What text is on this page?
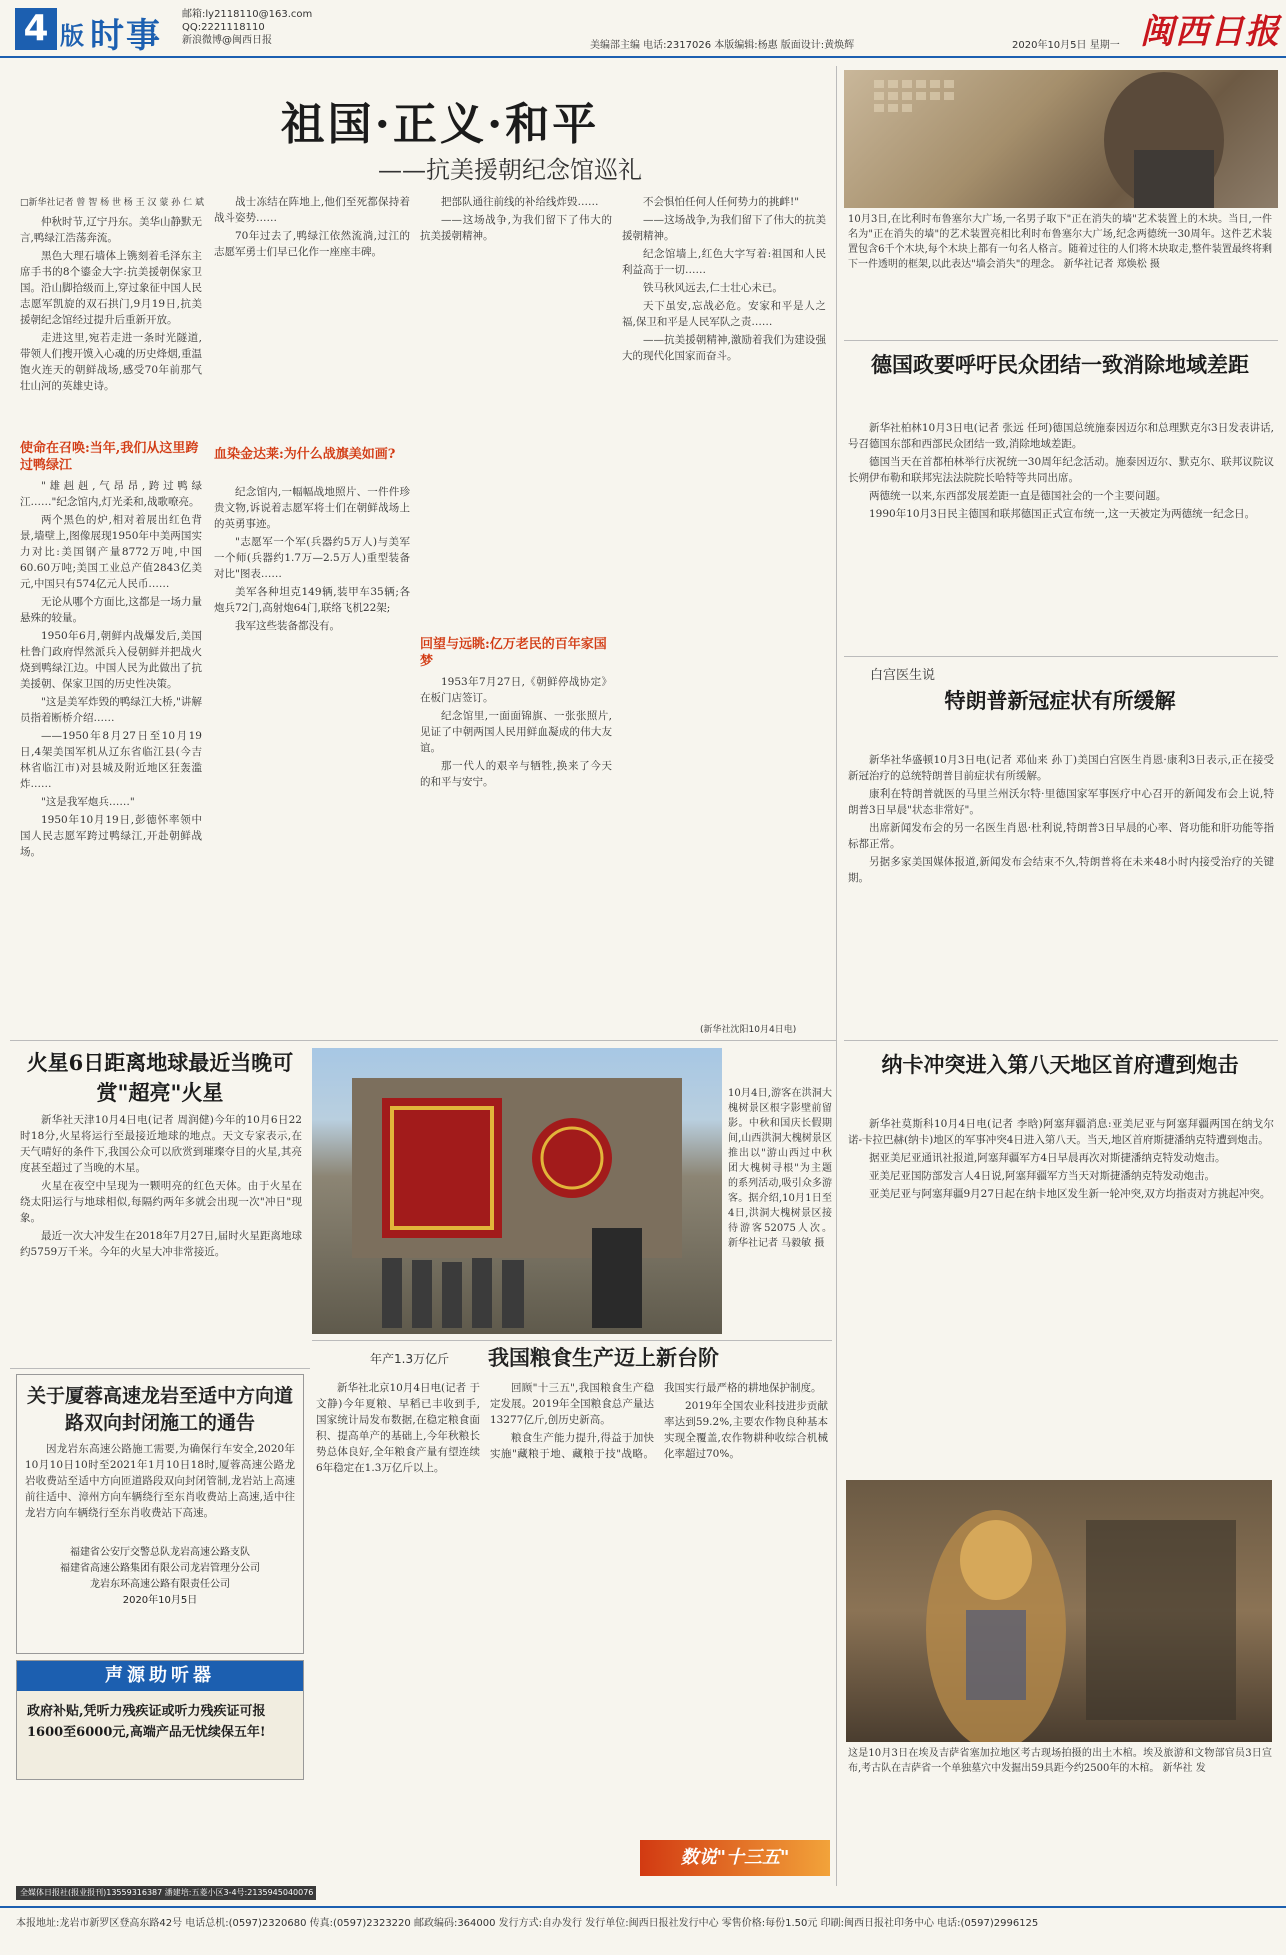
4 版 时事
邮箱:ly2118110@163.com
QQ:2221118110
新浪微博@闽西日报	美编部主编 电话:2317026 本版编辑:杨惠 版面设计:黄焕辉	2020年10月5日 星期一 闽西日报
祖国·正义·和平
——抗美援朝纪念馆巡礼
□新华社记者 曾 智 杨 世 杨 王 汉 蒙 孙 仁 斌

仲秋时节,辽宁丹东。美华山静默无言,鸭绿江浩荡奔流。

黑色大理石墙体上镌刻着毛泽东主席手书的8个鎏金大字:抗美援朝保家卫国。沿山脚拾级而上,穿过象征中国人民志愿军凯旋的双石拱门,9月19日,抗美援朝纪念馆经过提升后重新开放。

走进这里,宛若走进一条时光隧道,带领人们搜开馍入心魂的历史烽烟,重温饱火连天的朝鲜战场,感受70年前那气壮山河的英雄史诗。

使命在召唤:当年,我们从这里跨过鸭绿江

"雄赳赳,气昂昂,跨过鸭绿江……"纪念馆内,灯光柔和,战歌嘹亮。

两个黑色的炉,相对着展出红色背景,墙壁上,图像展现1950年中美两国实力对比:美国钢产量8772万吨,中国60.60万吨;美国工业总产值2843亿美元,中国只有574亿元人民币……

无论从哪个方面比,这都是一场力量悬殊的较量。

1950年6月,朝鲜内战爆发后,美国杜鲁门政府悍然派兵入侵朝鲜并把战火烧到鸭绿江边。中国人民为此做出了抗美援朝、保家卫国的历史性决策。

"这是美军炸毁的鸭绿江大桥,"讲解员指着断桥介绍……

——1950年8月27日至10月19日,4架美国军机从辽东省临江县(今吉林省临江市)对县城及附近地区狂轰滥炸……

"这是我军炮兵……"

1950年10月19日,彭德怀率领中国人民志愿军跨过鸭绿江,开赴朝鲜战场。

战士冻结在阵地上,他们至死都保持着战斗姿势……

70年过去了,鸭绿江依然流淌,过江的志愿军勇士们早已化作一座座丰碑。

血染金达莱:为什么战旗美如画?

纪念馆内,一幅幅战地照片、一件件珍贵文物,诉说着志愿军将士们在朝鲜战场上的英勇事迹。

"志愿军一个军(兵器约5万人)与美军一个师(兵器约1.7万—2.5万人)重型装备对比"图表……

美军各种坦克149辆,装甲车35辆;各炮兵72门,高射炮64门,联络飞机22架;

我军这些装备都没有。

把部队通往前线的补给线炸毁……

——这场战争,为我们留下了伟大的抗美援朝精神。

回望与远眺:亿万老民的百年家国梦

1953年7月27日,《朝鲜停战协定》在板门店签订。

纪念馆里,一面面锦旗、一张张照片,见证了中朝两国人民用鲜血凝成的伟大友谊。

那一代人的艰辛与牺牲,换来了今天的和平与安宁。

不会惧怕任何人任何势力的挑衅!"

——这场战争,为我们留下了伟大的抗美援朝精神。

纪念馆墙上,红色大字写着:祖国和人民利益高于一切……

铁马秋风远去,仁士壮心未已。

天下虽安,忘战必危。安家和平是人之福,保卫和平是人民军队之责……

——抗美援朝精神,激励着我们为建设强大的现代化国家而奋斗。

(新华社沈阳10月4日电)
10月3日,在比利时布鲁塞尔大广场,一名男子取下"正在消失的墙"艺术装置上的木块。当日,一件名为"正在消失的墙"的艺术装置亮相比利时布鲁塞尔大广场,纪念两德统一30周年。这件艺术装置包含6千个木块,每个木块上都有一句名人格言。随着过往的人们将木块取走,整件装置最终将剩下一件透明的框架,以此表达"墙会消失"的理念。 新华社记者 郑焕松 摄
德国政要呼吁民众团结一致消除地域差距

新华社柏林10月3日电(记者 张远 任珂)德国总统施泰因迈尔和总理默克尔3日发表讲话,号召德国东部和西部民众团结一致,消除地域差距。

德国当天在首都柏林举行庆祝统一30周年纪念活动。施泰因迈尔、默克尔、联邦议院议长朔伊布勒和联邦宪法法院院长哈特等共同出席。

两德统一以来,东西部发展差距一直是德国社会的一个主要问题。

1990年10月3日民主德国和联邦德国正式宣布统一,这一天被定为两德统一纪念日。

白宫医生说
特朗普新冠症状有所缓解

新华社华盛顿10月3日电(记者 邓仙来 孙丁)美国白宫医生肖恩·康利3日表示,正在接受新冠治疗的总统特朗普目前症状有所缓解。

康利在特朗普就医的马里兰州沃尔特·里德国家军事医疗中心召开的新闻发布会上说,特朗普3日早晨"状态非常好"。

出席新闻发布会的另一名医生肖恩·杜利说,特朗普3日早晨的心率、肾功能和肝功能等指标都正常。

另据多家美国媒体报道,新闻发布会结束不久,特朗普将在未来48小时内接受治疗的关键期。

纳卡冲突进入第八天地区首府遭到炮击

新华社莫斯科10月4日电(记者 李晗)阿塞拜疆消息:亚美尼亚与阿塞拜疆两国在纳戈尔诺-卡拉巴赫(纳卡)地区的军事冲突4日进入第八天。当天,地区首府斯捷潘纳克特遭到炮击。

据亚美尼亚通讯社报道,阿塞拜疆军方4日早晨再次对斯捷潘纳克特发动炮击。

亚美尼亚国防部发言人4日说,阿塞拜疆军方当天对斯捷潘纳克特发动炮击。

亚美尼亚与阿塞拜疆9月27日起在纳卡地区发生新一轮冲突,双方均指责对方挑起冲突。

这是10月3日在埃及吉萨省塞加拉地区考古现场拍摄的出土木棺。埃及旅游和文物部官员3日宣布,考古队在吉萨省一个单独墓穴中发掘出59具距今约2500年的木棺。 新华社 发
火星6日距离地球最近当晚可赏"超亮"火星

新华社天津10月4日电(记者 周润健)今年的10月6日22时18分,火星将运行至最接近地球的地点。天文专家表示,在天气晴好的条件下,我国公众可以欣赏到璀璨夺目的火星,其亮度甚至超过了当晚的木星。

火星在夜空中呈现为一颗明亮的红色天体。由于火星在绕太阳运行与地球相似,每隔约两年多就会出现一次"冲日"现象。

最近一次大冲发生在2018年7月27日,届时火星距离地球约5759万千米。今年的火星大冲非常接近。

关于厦蓉高速龙岩至适中方向道路双向封闭施工的通告
因龙岩东高速公路施工需要,为确保行车安全,2020年10月10日10时至2021年1月10日18时,厦蓉高速公路龙岩收费站至适中方向匝道路段双向封闭管制,龙岩站上高速前往适中、漳州方向车辆绕行至东肖收费站上高速,适中往龙岩方向车辆绕行至东肖收费站下高速。
福建省公安厅交警总队龙岩高速公路支队
福建省高速公路集团有限公司龙岩管理分公司
龙岩东环高速公路有限责任公司
2020年10月5日
声源助听器
政府补贴,凭听力残疾证或听力残疾证可报1600至6000元,高端产品无忧续保五年!
10月4日,游客在洪洞大槐树景区根字影壁前留影。中秋和国庆长假期间,山西洪洞大槐树景区推出以"游山西过中秋团大槐树寻根"为主题的系列活动,吸引众多游客。据介绍,10月1日至4日,洪洞大槐树景区接待游客52075人次。 新华社记者 马毅敏 摄
年产1.3万亿斤 我国粮食生产迈上新台阶

新华社北京10月4日电(记者 于文静)今年夏粮、早稻已丰收到手,国家统计局发布数据,在稳定粮食面积、提高单产的基础上,今年秋粮长势总体良好,全年粮食产量有望连续6年稳定在1.3万亿斤以上。

回顾"十三五",我国粮食生产稳定发展。2019年全国粮食总产量达13277亿斤,创历史新高。

粮食生产能力提升,得益于加快实施"藏粮于地、藏粮于技"战略。我国实行最严格的耕地保护制度。

2019年全国农业科技进步贡献率达到59.2%,主要农作物良种基本实现全覆盖,农作物耕种收综合机械化率超过70%。

数说"十三五"
全媒体日报社(报业报刊)13559316387 潘建培:五菱小区3-4号:2135945040076
本报地址:龙岩市新罗区登高东路42号 电话总机:(0597)2320680 传真:(0597)2323220 邮政编码:364000 发行方式:自办发行 发行单位:闽西日报社发行中心 零售价格:每份1.50元 印刷:闽西日报社印务中心 电话:(0597)2996125
